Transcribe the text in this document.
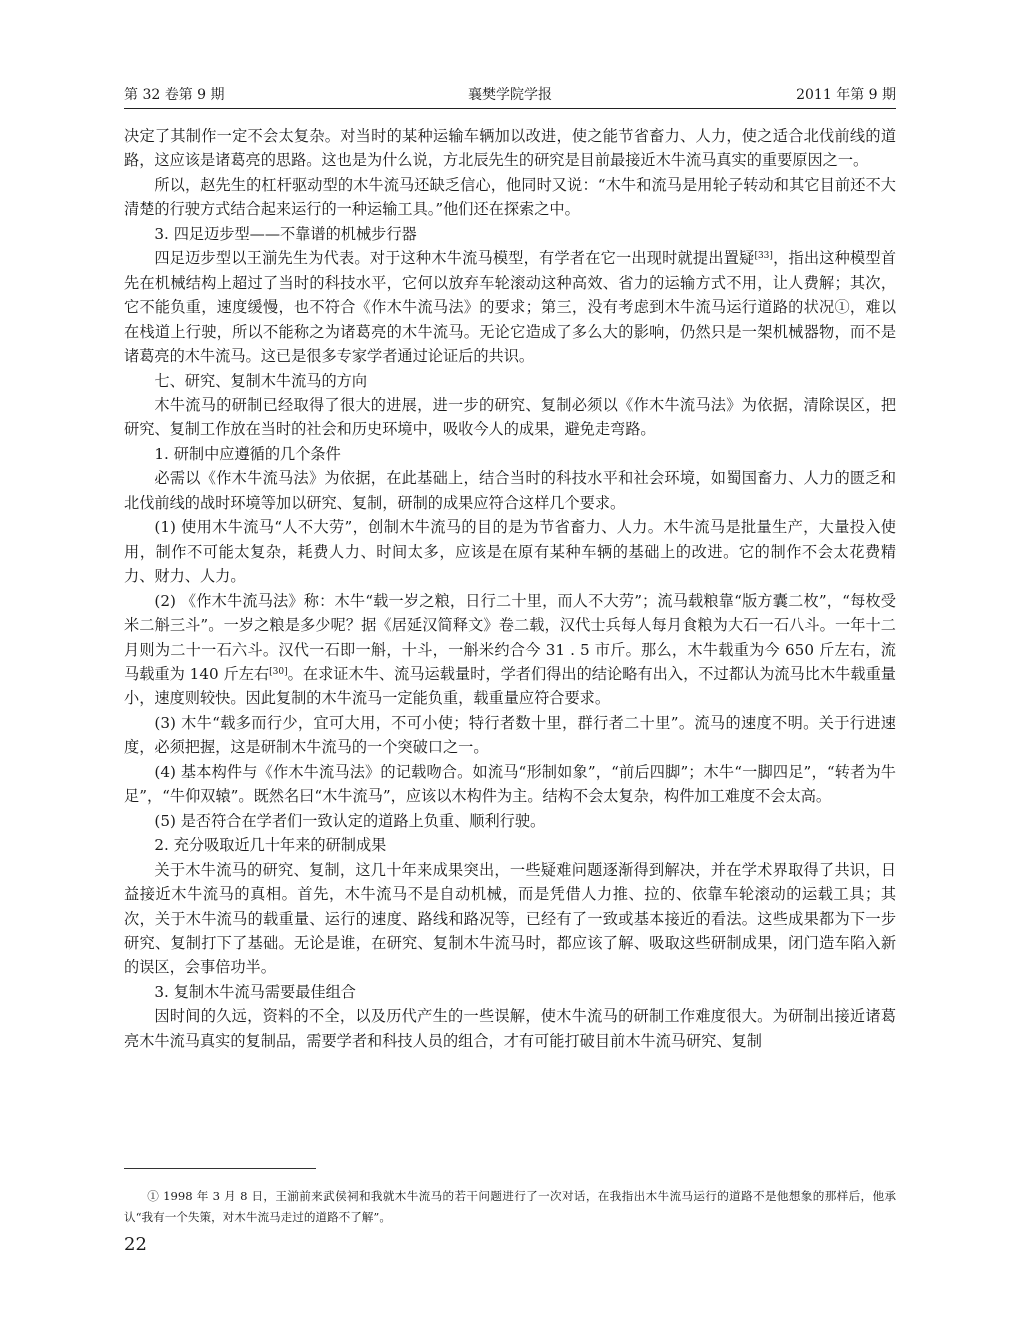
襄樊学院学报
第 32 卷第 9 期	2011 年第 9 期

决定了其制作一定不会太复杂。对当时的某种运输车辆加以改进，使之能节省畜力、人力，使之适合北伐前线的道路，这应该是诸葛亮的思路。这也是为什么说，方北辰先生的研究是目前最接近木牛流马真实的重要原因之一。

所以，赵先生的杠杆驱动型的木牛流马还缺乏信心，他同时又说：“木牛和流马是用轮子转动和其它目前还不大清楚的行驶方式结合起来运行的一种运输工具。”他们还在探索之中。

3. 四足迈步型——不靠谱的机械步行器

四足迈步型以王湔先生为代表。对于这种木牛流马模型，有学者在它一出现时就提出置疑[33]，指出这种模型首先在机械结构上超过了当时的科技水平，它何以放弃车轮滚动这种高效、省力的运输方式不用，让人费解；其次，它不能负重，速度缓慢，也不符合《作木牛流马法》的要求；第三，没有考虑到木牛流马运行道路的状况①，难以在栈道上行驶，所以不能称之为诸葛亮的木牛流马。无论它造成了多么大的影响，仍然只是一架机械器物，而不是诸葛亮的木牛流马。这已是很多专家学者通过论证后的共识。

七、研究、复制木牛流马的方向

木牛流马的研制已经取得了很大的进展，进一步的研究、复制必须以《作木牛流马法》为依据，清除误区，把研究、复制工作放在当时的社会和历史环境中，吸收今人的成果，避免走弯路。

1. 研制中应遵循的几个条件

必需以《作木牛流马法》为依据，在此基础上，结合当时的科技水平和社会环境，如蜀国畜力、人力的匮乏和北伐前线的战时环境等加以研究、复制，研制的成果应符合这样几个要求。

(1) 使用木牛流马“人不大劳”，创制木牛流马的目的是为节省畜力、人力。木牛流马是批量生产，大量投入使用，制作不可能太复杂，耗费人力、时间太多，应该是在原有某种车辆的基础上的改进。它的制作不会太花费精力、财力、人力。

(2) 《作木牛流马法》称：木牛“载一岁之粮，日行二十里，而人不大劳”；流马载粮靠“版方囊二枚”，“每枚受米二斛三斗”。一岁之粮是多少呢？据《居延汉简释文》卷二载，汉代士兵每人每月食粮为大石一石八斗。一年十二月则为二十一石六斗。汉代一石即一斛，十斗，一斛米约合今 31 . 5 市斤。那么，木牛载重为今 650 斤左右，流马载重为 140 斤左右[30]。在求证木牛、流马运载量时，学者们得出的结论略有出入，不过都认为流马比木牛载重量小，速度则较快。因此复制的木牛流马一定能负重，载重量应符合要求。

(3) 木牛“载多而行少，宜可大用，不可小使；特行者数十里，群行者二十里”。流马的速度不明。关于行进速度，必须把握，这是研制木牛流马的一个突破口之一。

(4) 基本构件与《作木牛流马法》的记载吻合。如流马“形制如象”，“前后四脚”；木牛“一脚四足”，“转者为牛足”，“牛仰双辕”。既然名曰“木牛流马”，应该以木构件为主。结构不会太复杂，构件加工难度不会太高。

(5) 是否符合在学者们一致认定的道路上负重、顺利行驶。

2. 充分吸取近几十年来的研制成果

关于木牛流马的研究、复制，这几十年来成果突出，一些疑难问题逐渐得到解决，并在学术界取得了共识，日益接近木牛流马的真相。首先，木牛流马不是自动机械，而是凭借人力推、拉的、依靠车轮滚动的运载工具；其次，关于木牛流马的载重量、运行的速度、路线和路况等，已经有了一致或基本接近的看法。这些成果都为下一步研究、复制打下了基础。无论是谁，在研究、复制木牛流马时，都应该了解、吸取这些研制成果，闭门造车陷入新的误区，会事倍功半。

3. 复制木牛流马需要最佳组合

因时间的久远，资料的不全，以及历代产生的一些误解，使木牛流马的研制工作难度很大。为研制出接近诸葛亮木牛流马真实的复制品，需要学者和科技人员的组合，才有可能打破目前木牛流马研究、复制

① 1998 年 3 月 8 日，王湔前来武侯祠和我就木牛流马的若干问题进行了一次对话，在我指出木牛流马运行的道路不是他想象的那样后，他承认“我有一个失策，对木牛流马走过的道路不了解”。

22
